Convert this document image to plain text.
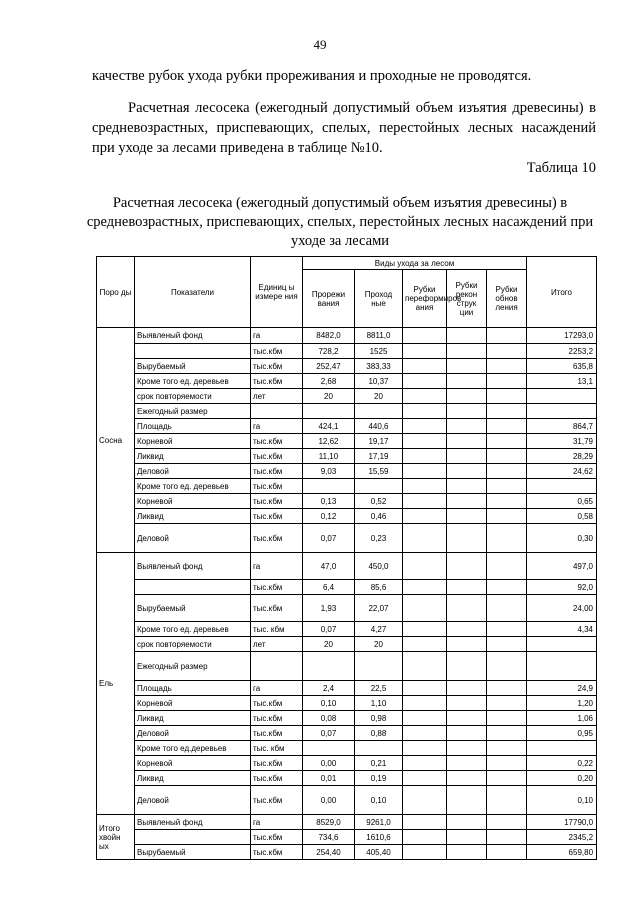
49
качестве рубок ухода рубки прореживания и проходные не проводятся.
Расчетная лесосека (ежегодный допустимый объем изъятия древесины) в средневозрастных, приспевающих, спелых, перестойных лесных насаждений при уходе за лесами приведена в таблице №10.
Таблица 10
Расчетная лесосека (ежегодный допустимый объем изъятия древесины) в средневозрастных, приспевающих, спелых, перестойных лесных насаждений при уходе за лесами
Поро ды	Показатели	Единиц ы измере ния	Виды ухода за лесом					Итого
			Прорежи вания	Проход ные	Рубки переформиров ания	Рубки рекон струк ции	Рубки обнов ления	
Сосна	Выявленый фонд	га	8482,0	8811,0				17293,0
		тыс.кбм	728,2	1525				2253,2
	Вырубаемый	тыс.кбм	252,47	383,33				635,8
	Кроме того ед. деревьев	тыс.кбм	2,68	10,37				13,1
	срок повторяемости	лет	20	20				
	Ежегодный размер							
	Площадь	га	424,1	440,6				864,7
	Корневой	тыс.кбм	12,62	19,17				31,79
	Ликвид	тыс.кбм	11,10	17,19				28,29
	Деловой	тыс.кбм	9,03	15,59				24,62
	Кроме того ед. деревьев	тыс.кбм						
	Корневой	тыс.кбм	0,13	0,52				0,65
	Ликвид	тыс.кбм	0,12	0,46				0,58
	Деловой	тыс.кбм	0,07	0,23				0,30
Ель	Выявленый фонд	га	47,0	450,0				497,0
		тыс.кбм	6,4	85,6				92,0
	Вырубаемый	тыс.кбм	1,93	22,07				24,00
	Кроме того ед. деревьев	тыс. кбм	0,07	4,27				4,34
	срок повторяемости	лет	20	20				
	Ежегодный размер							
	Площадь	га	2,4	22,5				24,9
	Корневой	тыс.кбм	0,10	1,10				1,20
	Ликвид	тыс.кбм	0,08	0,98				1,06
	Деловой	тыс.кбм	0,07	0,88				0,95
	Кроме того ед.деревьев	тыс. кбм						
	Корневой	тыс.кбм	0,00	0,21				0,22
	Ликвид	тыс.кбм	0,01	0,19				0,20
	Деловой	тыс.кбм	0,00	0,10				0,10
Итого хвойн ых	Выявленый фонд	га	8529,0	9261,0				17790,0
		тыс.кбм	734,6	1610,6				2345,2
	Вырубаемый	тыс.кбм	254,40	405,40				659,80
